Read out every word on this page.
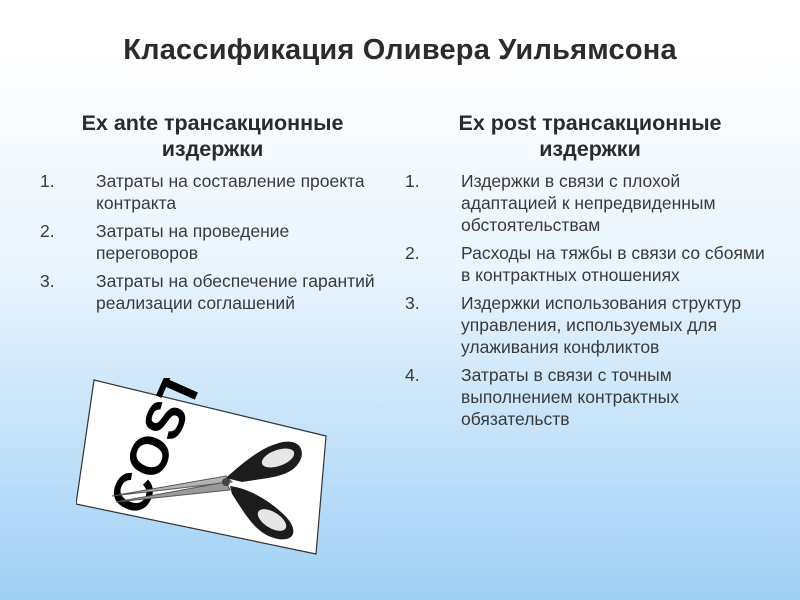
Классификация Оливера Уильямсона
Ex ante трансакционные
издержки
1.	Затраты на составление проекта контракта
2.	Затраты на проведение переговоров
3.	Затраты на обеспечение гарантий реализации соглашений
Ex post трансакционные
издержки
1.	Издержки в связи с плохой адаптацией к непредвиденным обстоятельствам
2.	Расходы на тяжбы в связи со сбоями в контрактных отношениях
3.	Издержки использования структур управления, используемых для улаживания конфликтов
4.	Затраты в связи с точным выполнением контрактных обязательств
COST
